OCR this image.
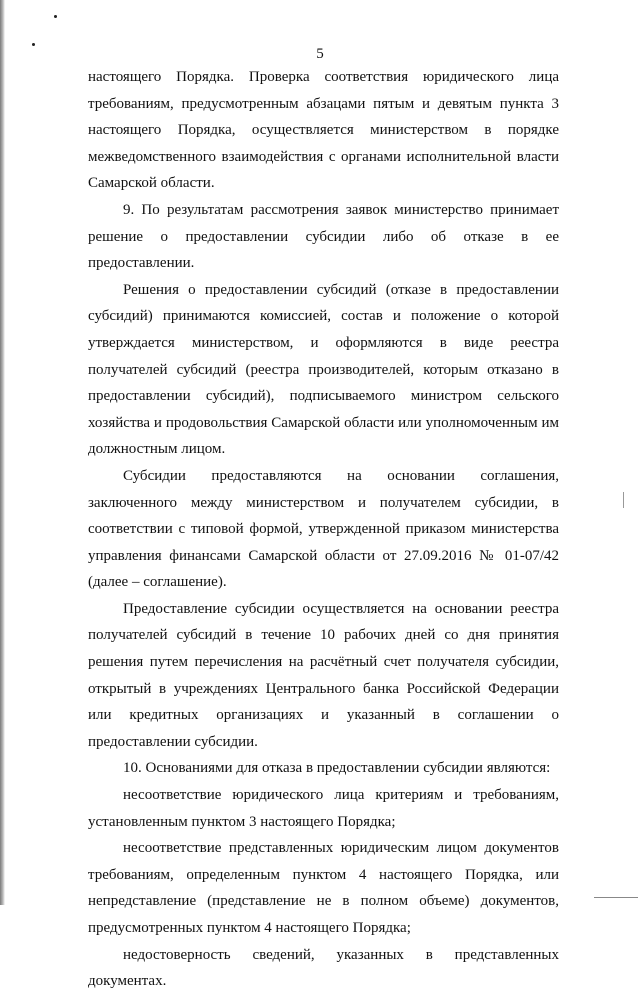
5

настоящего Порядка. Проверка соответствия юридического лица требованиям, предусмотренным абзацами пятым и девятым пункта 3 настоящего Порядка, осуществляется министерством в порядке межведомственного взаимодействия с органами исполнительной власти Самарской области.

9. По результатам рассмотрения заявок министерство принимает решение о предоставлении субсидии либо об отказе в ее предоставлении.

Решения о предоставлении субсидий (отказе в предоставлении субсидий) принимаются комиссией, состав и положение о которой утверждается министерством, и оформляются в виде реестра получателей субсидий (реестра производителей, которым отказано в предоставлении субсидий), подписываемого министром сельского хозяйства и продовольствия Самарской области или уполномоченным им должностным лицом.

Субсидии предоставляются на основании соглашения, заключенного между министерством и получателем субсидии, в соответствии с типовой формой, утвержденной приказом министерства управления финансами Самарской области от 27.09.2016 № 01-07/42 (далее – соглашение).

Предоставление субсидии осуществляется на основании реестра получателей субсидий в течение 10 рабочих дней со дня принятия решения путем перечисления на расчётный счет получателя субсидии, открытый в учреждениях Центрального банка Российской Федерации или кредитных организациях и указанный в соглашении о предоставлении субсидии.

10. Основаниями для отказа в предоставлении субсидии являются:

несоответствие юридического лица критериям и требованиям, установленным пунктом 3 настоящего Порядка;

несоответствие представленных юридическим лицом документов требованиям, определенным пунктом 4 настоящего Порядка, или непредставление (представление не в полном объеме) документов, предусмотренных пунктом 4 настоящего Порядка;

недостоверность сведений, указанных в представленных документах.
